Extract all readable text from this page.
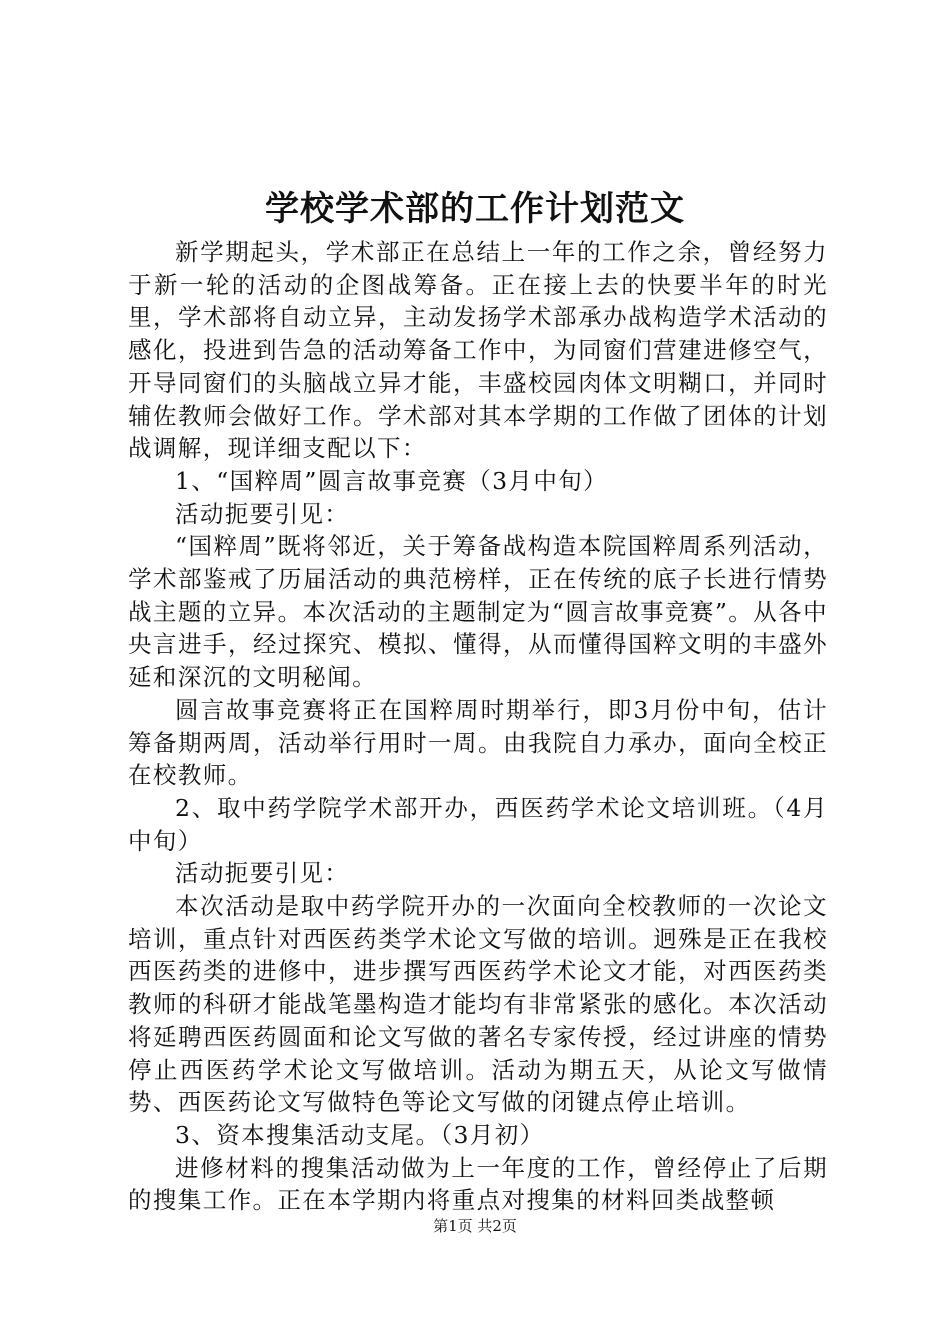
学校学术部的工作计划范文

新学期起头，学术部正在总结上一年的工作之余，曾经努力于新一轮的活动的企图战筹备。正在接上去的快要半年的时光里，学术部将自动立异，主动发扬学术部承办战构造学术活动的感化，投进到告急的活动筹备工作中，为同窗们营建进修空气，开导同窗们的头脑战立异才能，丰盛校园肉体文明糊口，并同时辅佐教师会做好工作。学术部对其本学期的工作做了团体的计划战调解，现详细支配以下：

1、“国粹周”圆言故事竞赛（3月中旬）

活动扼要引见：

“国粹周”既将邻近，关于筹备战构造本院国粹周系列活动，学术部鉴戒了历届活动的典范榜样，正在传统的底子长进行情势战主题的立异。本次活动的主题制定为“圆言故事竞赛”。从各中央言进手，经过探究、模拟、懂得，从而懂得国粹文明的丰盛外延和深沉的文明秘闻。

圆言故事竞赛将正在国粹周时期举行，即3月份中旬，估计筹备期两周，活动举行用时一周。由我院自力承办，面向全校正在校教师。

2、取中药学院学术部开办，西医药学术论文培训班。（4月中旬）

活动扼要引见：

本次活动是取中药学院开办的一次面向全校教师的一次论文培训，重点针对西医药类学术论文写做的培训。迥殊是正在我校西医药类的进修中，进步撰写西医药学术论文才能，对西医药类教师的科研才能战笔墨构造才能均有非常紧张的感化。本次活动将延聘西医药圆面和论文写做的著名专家传授，经过讲座的情势停止西医药学术论文写做培训。活动为期五天，从论文写做情势、西医药论文写做特色等论文写做的闭键点停止培训。

3、资本搜集活动支尾。（3月初）

进修材料的搜集活动做为上一年度的工作，曾经停止了后期的搜集工作。正在本学期内将重点对搜集的材料回类战整顿

第1页 共2页
